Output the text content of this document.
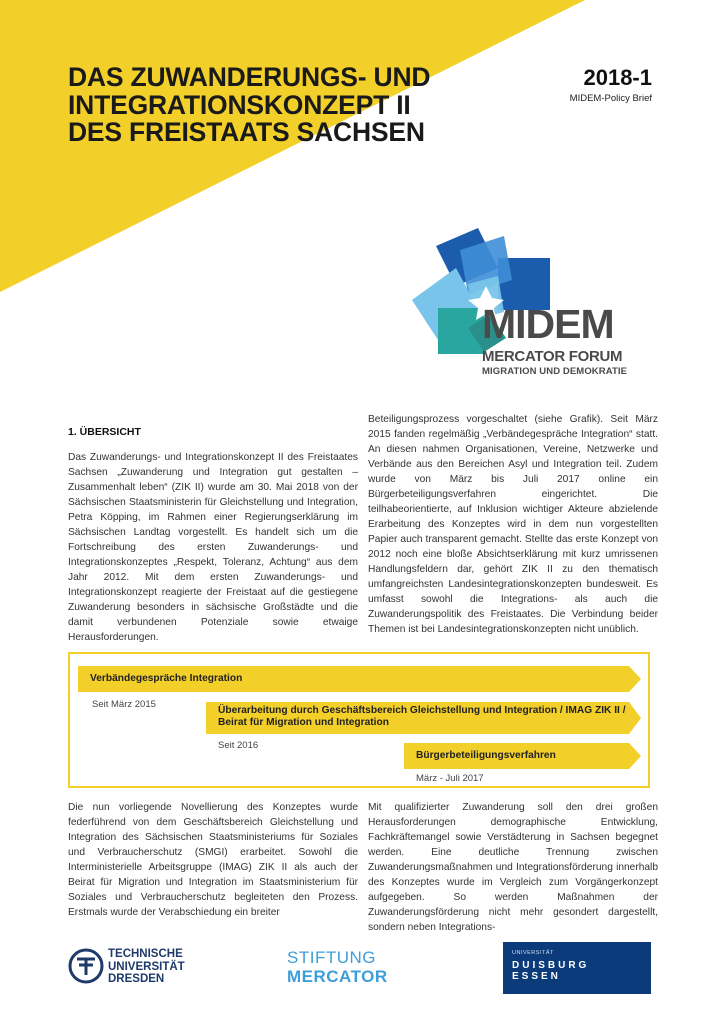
DAS ZUWANDERUNGS- UND
INTEGRATIONSKONZEPT II
DES FREISTAATS SACHSEN
2018-1
MIDEM-Policy Brief
MIDEM
MERCATOR FORUM
MIGRATION UND DEMOKRATIE
1. ÜBERSICHT

Das Zuwanderungs- und Integrationskonzept II des Freistaates Sachsen „Zuwanderung und Integration gut gestalten – Zusammenhalt leben“ (ZIK II) wurde am 30. Mai 2018 von der Sächsischen Staatsministerin für Gleichstellung und Integration, Petra Köpping, im Rahmen einer Regierungserklärung im Sächsischen Landtag vorgestellt. Es handelt sich um die Fortschreibung des ersten Zuwanderungs- und Integrationskonzeptes „Respekt, Toleranz, Achtung“ aus dem Jahr 2012. Mit dem ersten Zuwanderungs- und Integrationskonzept reagierte der Freistaat auf die gestiegene Zuwanderung besonders in sächsische Großstädte und die damit verbundenen Potenziale sowie etwaige Herausforderungen.

Beteiligungsprozess vorgeschaltet (siehe Grafik). Seit März 2015 fanden regelmäßig „Verbändegespräche Integration“ statt. An diesen nahmen Organisationen, Vereine, Netzwerke und Verbände aus den Bereichen Asyl und Integration teil. Zudem wurde von März bis Juli 2017 online ein Bürgerbeteiligungsverfahren eingerichtet. Die teilhabeorientierte, auf Inklusion wichtiger Akteure abzielende Erarbeitung des Konzeptes wird in dem nun vorgestellten Papier auch transparent gemacht. Stellte das erste Konzept von 2012 noch eine bloße Absichtserklärung mit kurz umrissenen Handlungsfeldern dar, gehört ZIK II zu den thematisch umfangreichsten Landesintegrationskonzepten bundesweit. Es umfasst sowohl die Integrations- als auch die Zuwanderungspolitik des Freistaates. Die Verbindung beider Themen ist bei Landesintegrationskonzepten nicht unüblich.

Verbändegespräche Integration
Seit März 2015
Überarbeitung durch Geschäftsbereich Gleichstellung und Integration / IMAG ZIK II / Beirat für Migration und Integration
Seit 2016
Bürgerbeteiligungsverfahren
März - Juli 2017

Die nun vorliegende Novellierung des Konzeptes wurde federführend von dem Geschäftsbereich Gleichstellung und Integration des Sächsischen Staatsministeriums für Soziales und Verbraucherschutz (SMGI) erarbeitet. Sowohl die Interministerielle Arbeitsgruppe (IMAG) ZIK II als auch der Beirat für Migration und Integration im Staatsministerium für Soziales und Verbraucherschutz begleiteten den Prozess. Erstmals wurde der Verabschiedung ein breiter

Mit qualifizierter Zuwanderung soll den drei großen Herausforderungen demographische Entwicklung, Fachkräftemangel sowie Verstädterung in Sachsen begegnet werden. Eine deutliche Trennung zwischen Zuwanderungsmaßnahmen und Integrationsförderung innerhalb des Konzeptes wurde im Vergleich zum Vorgängerkonzept aufgegeben. So werden Maßnahmen der Zuwanderungsförderung nicht mehr gesondert dargestellt, sondern neben Integrations-

TECHNISCHE
UNIVERSITÄT
DRESDEN
STIFTUNG
MERCATOR
UNIVERSITÄT
DUISBURG
ESSEN
